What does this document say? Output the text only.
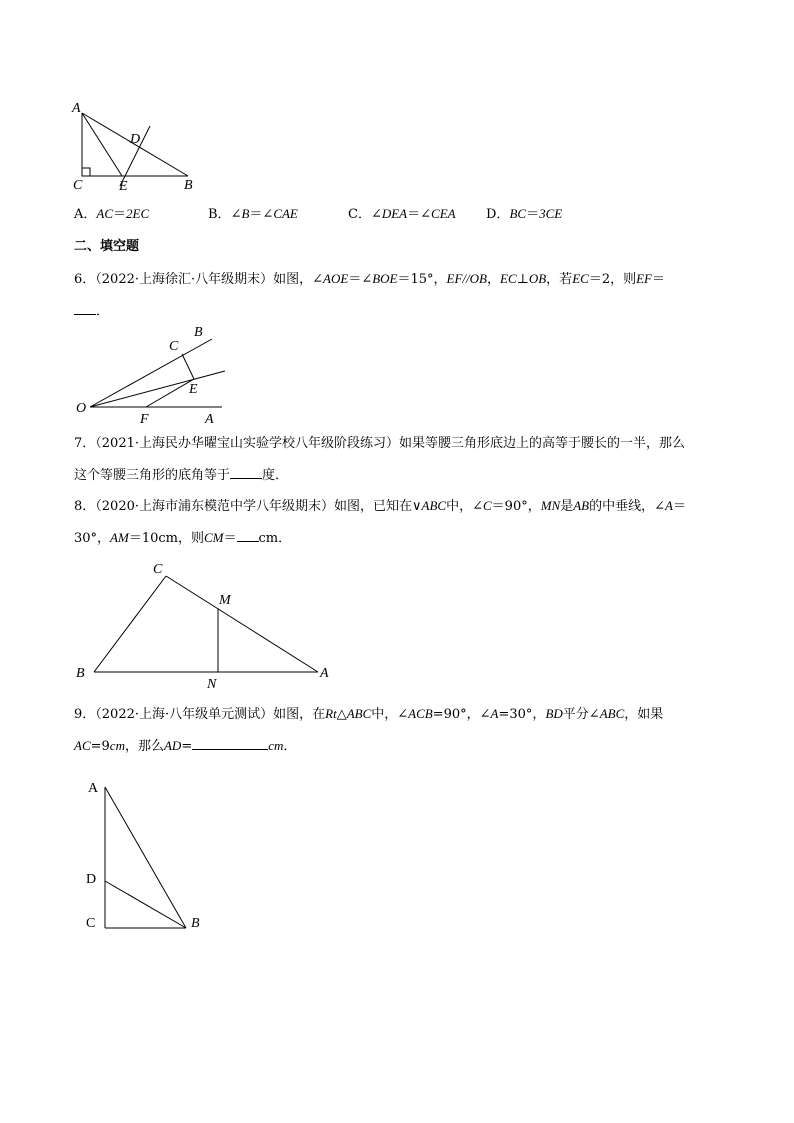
A
D
C	E	B
A．AC＝2EC	B．∠B＝∠CAE	C．∠DEA＝∠CEA D．BC＝3CE
二、填空题
6．（2022·上海徐汇·八年级期末）如图，∠AOE＝∠BOE＝15°，EF//OB，EC⊥OB，若EC＝2，则EF＝
．
B
C
E
O
F	A
7．（2021·上海民办华曜宝山实验学校八年级阶段练习）如果等腰三角形底边上的高等于腰长的一半，那么
这个等腰三角形的底角等于 度．
8．（2020·上海市浦东模范中学八年级期末）如图，已知在∨ABC中，∠C＝90°，MN是AB的中垂线，∠A＝
30°，AM＝10cm，则CM＝ cm．
C
M
B
N
A
9．（2022·上海·八年级单元测试）如图，在Rt△ABC中，∠ACB=90°，∠A=30°，BD平分∠ABC，如果
AC=9cm，那么AD=	cm．
A
D
C	B
